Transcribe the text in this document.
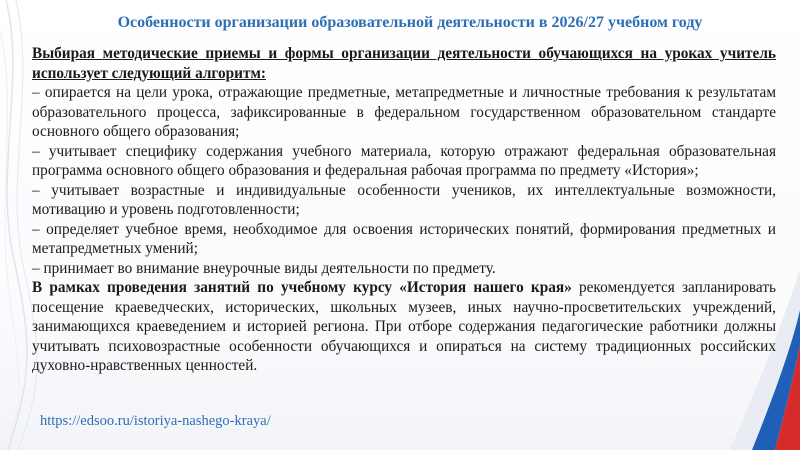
Особенности организации образовательной деятельности в 2026/27 учебном году

Выбирая методические приемы и формы организации деятельности обучающихся на уроках учитель использует следующий алгоритм:

– опирается на цели урока, отражающие предметные, метапредметные и личностные требования к результатам образовательного процесса, зафиксированные в федеральном государственном образовательном стандарте основного общего образования;

– учитывает специфику содержания учебного материала, которую отражают федеральная образовательная программа основного общего образования и федеральная рабочая программа по предмету «История»;

– учитывает возрастные и индивидуальные особенности учеников, их интеллектуальные возможности, мотивацию и уровень подготовленности;

– определяет учебное время, необходимое для освоения исторических понятий, формирования предметных и метапредметных умений;

– принимает во внимание внеурочные виды деятельности по предмету.

В рамках проведения занятий по учебному курсу «История нашего края» рекомендуется запланировать посещение краеведческих, исторических, школьных музеев, иных научно-просветительских учреждений, занимающихся краеведением и историей региона. При отборе содержания педагогические работники должны учитывать психовозрастные особенности обучающихся и опираться на систему традиционных российских духовно-нравственных ценностей.

https://edsoo.ru/istoriya-nashego-kraya/
